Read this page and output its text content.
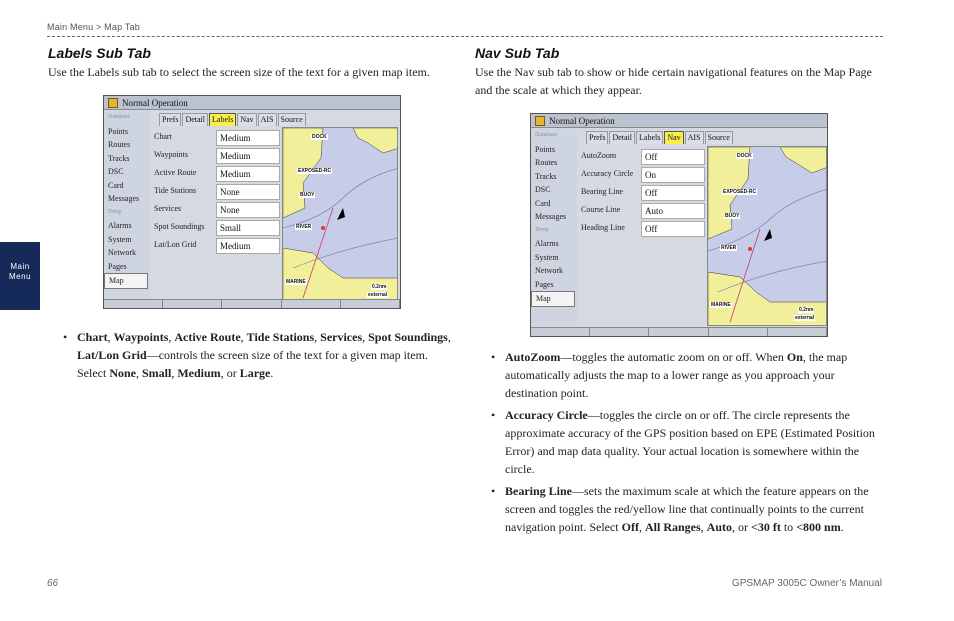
Main Menu > Map Tab
Main
Menu
Labels Sub Tab
Use the Labels sub tab to select the screen size of the text for a given map item.
Normal Operation
Database
Points
Routes
Tracks
DSC
Card
Messages
Temp
Alarms
System
Network
Pages
Map
Prefs Detail Labels Nav AIS Source
Chart	Medium
Waypoints	Medium
Active Route	Medium
Tide Stations	None
Services	None
Spot Soundings	Small
Lat/Lon Grid	Medium
DOCK
EXPOSED-RC
BUOY
RIVER
MARINE
0.2nm
external
• Chart, Waypoints, Active Route, Tide Stations, Services, Spot Soundings, Lat/Lon Grid—controls the screen size of the text for a given map item. Select None, Small, Medium, or Large.
Nav Sub Tab
Use the Nav sub tab to show or hide certain navigational features on the Map Page and the scale at which they appear.
Normal Operation
Database
Points
Routes
Tracks
DSC
Card
Messages
Temp
Alarms
System
Network
Pages
Map
Prefs Detail Labels Nav AIS Source
AutoZoom	Off
Accuracy Circle	On
Bearing Line	Off
Course Line	Auto
Heading Line	Off
DOCK
EXPOSED-RC
BUOY
RIVER
MARINE
0.2nm
external
• AutoZoom—toggles the automatic zoom on or off. When On, the map automatically adjusts the map to a lower range as you approach your destination point.
• Accuracy Circle—toggles the circle on or off. The circle represents the approximate accuracy of the GPS position based on EPE (Estimated Position Error) and map data quality. Your actual location is somewhere within the circle.
• Bearing Line—sets the maximum scale at which the feature appears on the screen and toggles the red/yellow line that continually points to the current navigation point. Select Off, All Ranges, Auto, or <30 ft to <800 nm.
66	GPSMAP 3005C Owner’s Manual
